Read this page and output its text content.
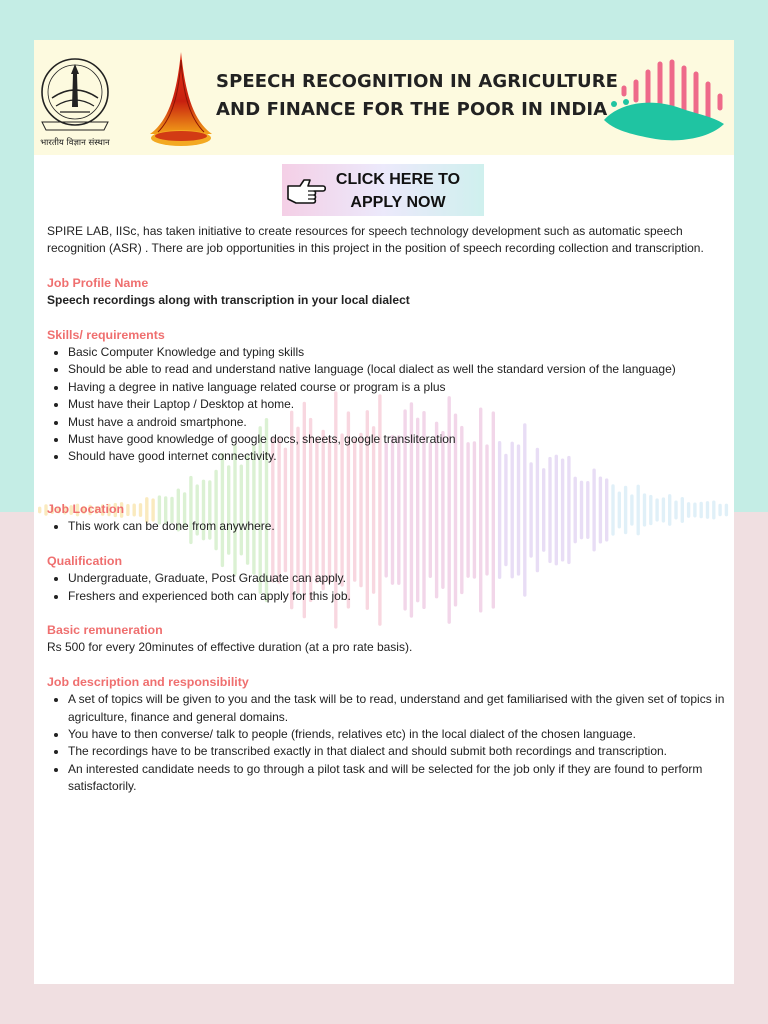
भारतीय विज्ञान संस्थान
SPEECH RECOGNITION IN AGRICULTURE
AND FINANCE FOR THE POOR IN INDIA
CLICK HERE TO
APPLY NOW

SPIRE LAB, IISc, has taken initiative to create resources for speech technology development such as automatic speech recognition (ASR) . There are job opportunities in this project in the position of speech recording collection and transcription.

Job Profile Name

Speech recordings along with transcription in your local dialect

Skills/ requirements

• Basic Computer Knowledge and typing skills
• Should be able to read and understand native language (local dialect as well the standard version of the language)
• Having a degree in native language related course or program is a plus
• Must have their Laptop / Desktop at home.
• Must have a android smartphone.
• Must have good knowledge of google docs, sheets, google transliteration
• Should have good internet connectivity.

Job Location

• This work can be done from anywhere.

Qualification

• Undergraduate, Graduate, Post Graduate can apply.
• Freshers and experienced both can apply for this job.

Basic remuneration

Rs 500 for every 20minutes of effective duration (at a pro rate basis).

Job description and responsibility

• A set of topics will be given to you and the task will be to read, understand and get familiarised with the given set of topics in agriculture, finance and general domains.
• You have to then converse/ talk to people (friends, relatives etc) in the local dialect of the chosen language.
• The recordings have to be transcribed exactly in that dialect and should submit both recordings and transcription.
• An interested candidate needs to go through a pilot task and will be selected for the job only if they are found to perform satisfactorily.
